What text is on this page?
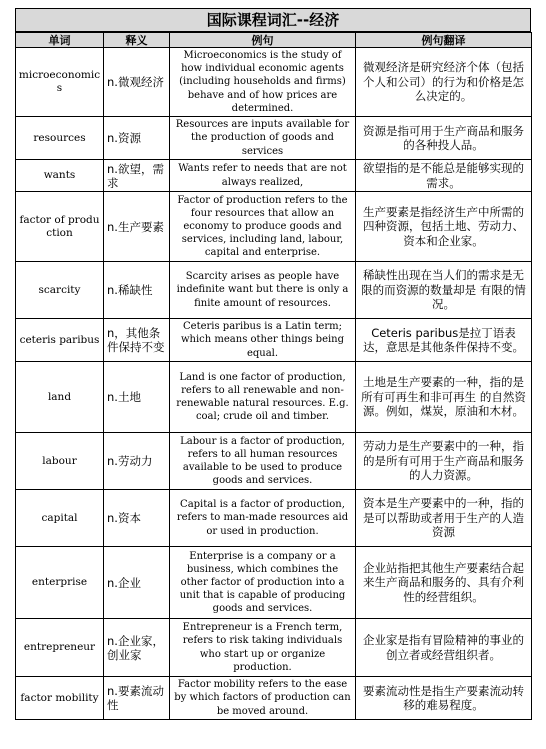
国际课程词汇--经济
单词	释义	例句	例句翻译
microeconomics	n.微观经济	Microeconomics is the study of how individual economic agents (including households and firms) behave and of how prices are determined.	微观经济是研究经济个体（包括个人和公司）的行为和价格是怎么决定的。
resources	n.资源	Resources are inputs available for the production of goods and services	资源是指可用于生产商品和服务的各种投人品。
wants	n.欲望，需求	Wants refer to needs that are not always realized,	欲望指的是不能总是能够实现的需求。
factor of production	n.生产要素	Factor of production refers to the four resources that allow an economy to produce goods and services, including land, labour, capital and enterprise.	生产要素是指经济生产中所需的四种资源，包括土地、劳动力、资本和企业家。
scarcity	n.稀缺性	Scarcity arises as people have indefinite want but there is only a finite amount of resources.	稀缺性出现在当人们的需求是无限的而资源的数量却是 有限的情况。
ceteris paribus	n，其他条件保持不变	Ceteris paribus is a Latin term; which means other things being equal.	Ceteris paribus是拉丁语表达，意思是其他条件保持不变。
land	n.土地	Land is one factor of production, refers to all renewable and non-renewable natural resources. E.g. coal; crude oil and timber.	土地是生产要素的一种，指的是所有可再生和非可再生 的自然资源。例如，煤炭，原油和木材。
labour	n.劳动力	Labour is a factor of production, refers to all human resources available to be used to produce goods and services.	劳动力是生产要素中的一种，指的是所有可用于生产商品和服务的人力资源。
capital	n.资本	Capital is a factor of production, refers to man-made resources aid or used in production.	资本是生产要素中的一种，指的是可以帮助或者用于生产的人造资源
enterprise	n.企业	Enterprise is a company or a business, which combines the other factor of production into a unit that is capable of producing goods and services.	企业站指把其他生产要素结合起来生产商品和服务的、具有介利性的经营组织。
entrepreneur	n.企业家，创业家	Entrepreneur is a French term, refers to risk taking individuals who start up or organize production.	企业家是指有冒险精神的事业的创立者或经营组织者。
factor mobility	n.要素流动性	Factor mobility refers to the ease by which factors of production can be moved around.	要素流动性是指生产要素流动转移的难易程度。
